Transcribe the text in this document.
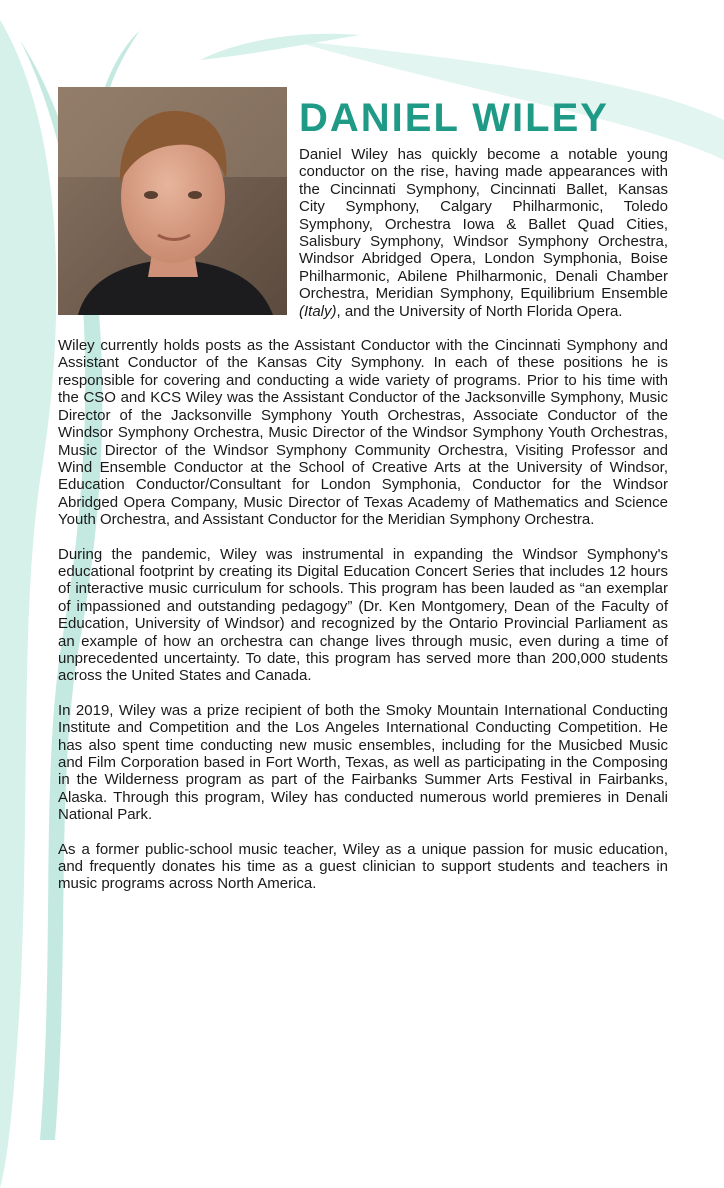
DANIEL WILEY

Daniel Wiley has quickly become a notable young conductor on the rise, having made appearances with the Cincinnati Symphony, Cincinnati Ballet, Kansas City Symphony, Calgary Philharmonic, Toledo Symphony, Orchestra Iowa & Ballet Quad Cities, Salisbury Symphony, Windsor Symphony Orchestra, Windsor Abridged Opera, London Symphonia, Boise Philharmonic, Abilene Philharmonic, Denali Chamber Orchestra, Meridian Symphony, Equilibrium Ensemble (Italy), and the University of North Florida Opera.

Wiley currently holds posts as the Assistant Conductor with the Cincinnati Symphony and Assistant Conductor of the Kansas City Symphony. In each of these positions he is responsible for covering and conducting a wide variety of programs. Prior to his time with the CSO and KCS Wiley was the Assistant Conductor of the Jacksonville Symphony, Music Director of the Jacksonville Symphony Youth Orchestras, Associate Conductor of the Windsor Symphony Orchestra, Music Director of the Windsor Symphony Youth Orchestras, Music Director of the Windsor Symphony Community Orchestra, Visiting Professor and Wind Ensemble Conductor at the School of Creative Arts at the University of Windsor, Education Conductor/Consultant for London Symphonia, Conductor for the Windsor Abridged Opera Company, Music Director of Texas Academy of Mathematics and Science Youth Orchestra, and Assistant Conductor for the Meridian Symphony Orchestra.

During the pandemic, Wiley was instrumental in expanding the Windsor Symphony's educational footprint by creating its Digital Education Concert Series that includes 12 hours of interactive music curriculum for schools. This program has been lauded as “an exemplar of impassioned and outstanding pedagogy” (Dr. Ken Montgomery, Dean of the Faculty of Education, University of Windsor) and recognized by the Ontario Provincial Parliament as an example of how an orchestra can change lives through music, even during a time of unprecedented uncertainty. To date, this program has served more than 200,000 students across the United States and Canada.

In 2019, Wiley was a prize recipient of both the Smoky Mountain International Conducting Institute and Competition and the Los Angeles International Conducting Competition. He has also spent time conducting new music ensembles, including for the Musicbed Music and Film Corporation based in Fort Worth, Texas, as well as participating in the Composing in the Wilderness program as part of the Fairbanks Summer Arts Festival in Fairbanks, Alaska. Through this program, Wiley has conducted numerous world premieres in Denali National Park.

As a former public-school music teacher, Wiley as a unique passion for music education, and frequently donates his time as a guest clinician to support students and teachers in music programs across North America.
